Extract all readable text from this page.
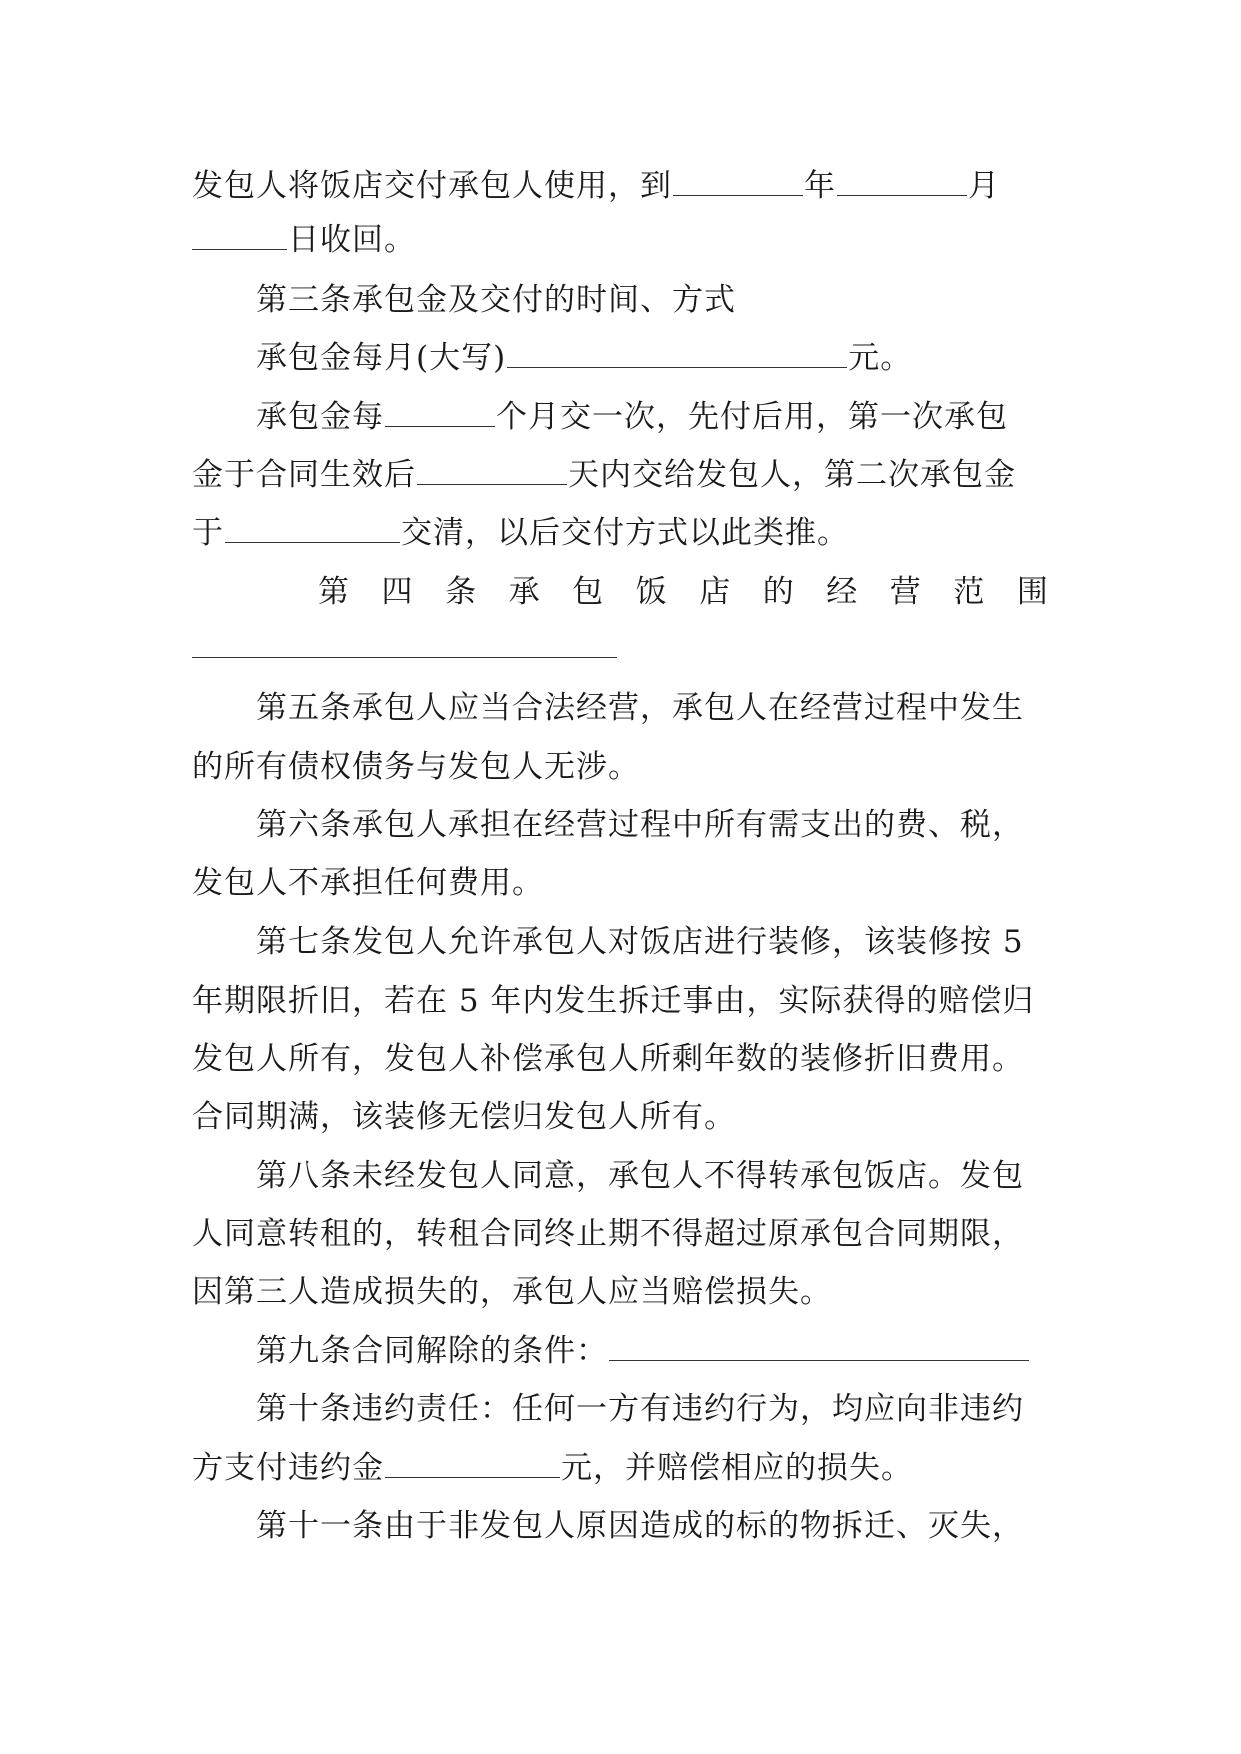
发包人将饭店交付承包人使用，到	年	月
日收回。
第三条承包金及交付的时间、方式
承包金每月(大写)	元。
承包金每	个月交一次，先付后用，第一次承包
金于合同生效后	天内交给发包人，第二次承包金
于	交清，以后交付方式以此类推。
第 四 条 承 包 饭 店 的 经 营 范 围
第五条承包人应当合法经营，承包人在经营过程中发生
的所有债权债务与发包人无涉。
第六条承包人承担在经营过程中所有需支出的费、税，
发包人不承担任何费用。
第七条发包人允许承包人对饭店进行装修，该装修按 5
年期限折旧，若在 5 年内发生拆迁事由，实际获得的赔偿归
发包人所有，发包人补偿承包人所剩年数的装修折旧费用。
合同期满，该装修无偿归发包人所有。
第八条未经发包人同意，承包人不得转承包饭店。发包
人同意转租的，转租合同终止期不得超过原承包合同期限，
因第三人造成损失的，承包人应当赔偿损失。
第九条合同解除的条件：
第十条违约责任：任何一方有违约行为，均应向非违约
方支付违约金	元，并赔偿相应的损失。
第十一条由于非发包人原因造成的标的物拆迁、灭失，
